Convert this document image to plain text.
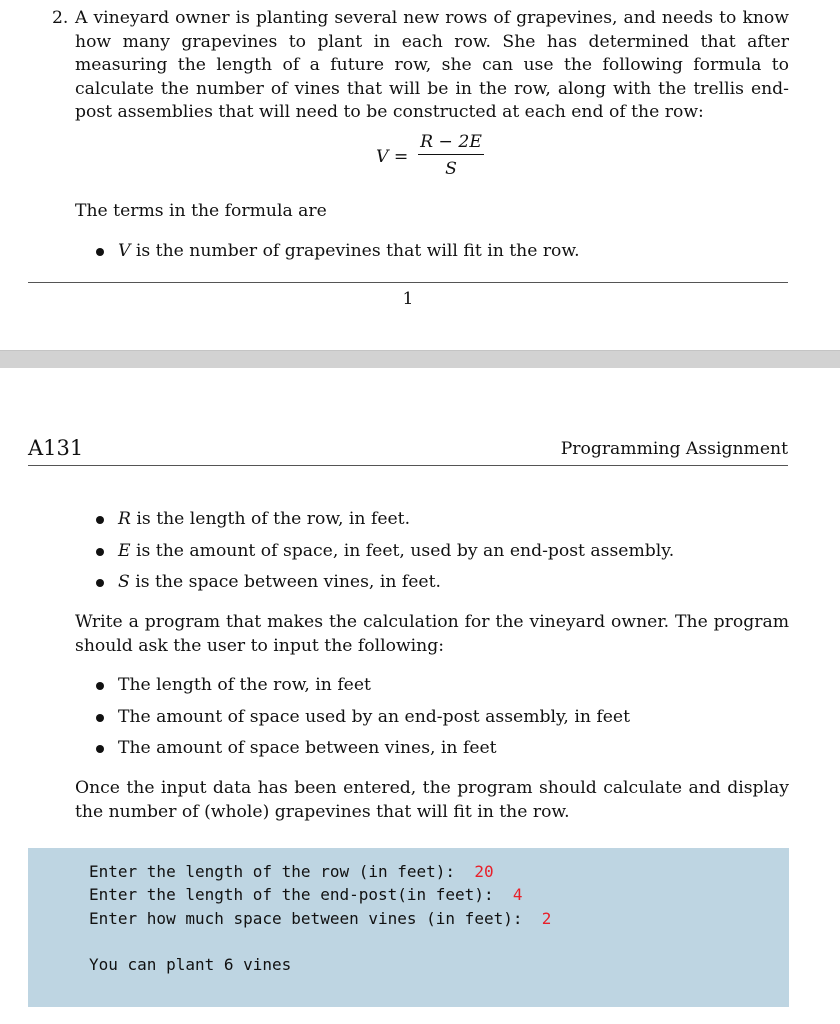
2. A vineyard owner is planting several new rows of grapevines, and needs to know how many grapevines to plant in each row. She has determined that after measuring the length of a future row, she can use the following formula to calculate the number of vines that will be in the row, along with the trellis end-post assemblies that will need to be constructed at each end of the row:

V =
R − 2E
S

The terms in the formula are

V is the number of grapevines that will fit in the row.
1
A131	Programming Assignment
R is the length of the row, in feet.
E is the amount of space, in feet, used by an end-post assembly.
S is the space between vines, in feet.

Write a program that makes the calculation for the vineyard owner. The program should ask the user to input the following:

The length of the row, in feet
The amount of space used by an end-post assembly, in feet
The amount of space between vines, in feet

Once the input data has been entered, the program should calculate and display the number of (whole) grapevines that will fit in the row.

Enter the length of the row (in feet):  20
Enter the length of the end-post(in feet):  4
Enter how much space between vines (in feet):  2
You can plant 6 vines
